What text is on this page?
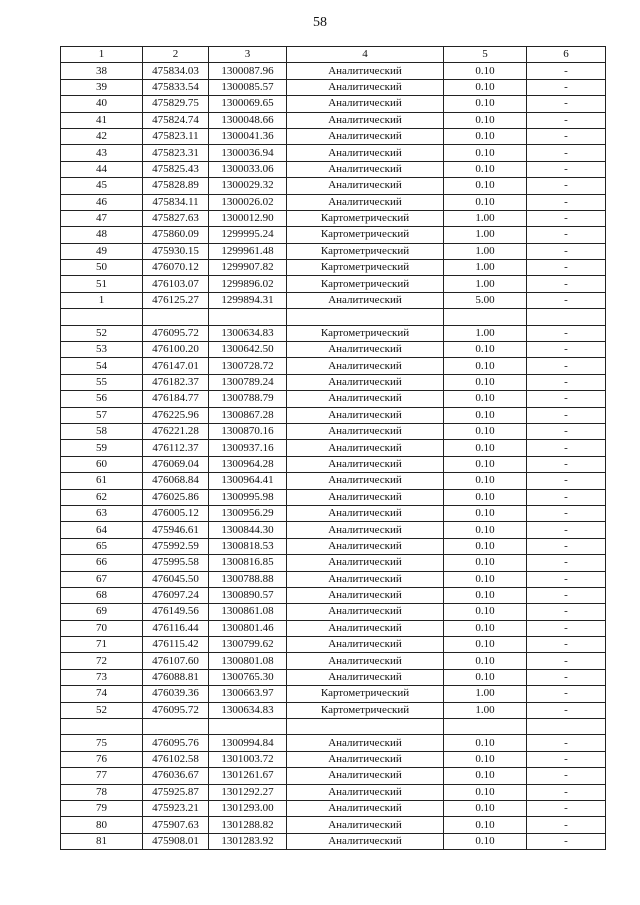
58
1	2	3	4	5	6
38	475834.03	1300087.96	Аналитический	0.10	-
39	475833.54	1300085.57	Аналитический	0.10	-
40	475829.75	1300069.65	Аналитический	0.10	-
41	475824.74	1300048.66	Аналитический	0.10	-
42	475823.11	1300041.36	Аналитический	0.10	-
43	475823.31	1300036.94	Аналитический	0.10	-
44	475825.43	1300033.06	Аналитический	0.10	-
45	475828.89	1300029.32	Аналитический	0.10	-
46	475834.11	1300026.02	Аналитический	0.10	-
47	475827.63	1300012.90	Картометрический	1.00	-
48	475860.09	1299995.24	Картометрический	1.00	-
49	475930.15	1299961.48	Картометрический	1.00	-
50	476070.12	1299907.82	Картометрический	1.00	-
51	476103.07	1299896.02	Картометрический	1.00	-
1	476125.27	1299894.31	Аналитический	5.00	-

52	476095.72	1300634.83	Картометрический	1.00	-
53	476100.20	1300642.50	Аналитический	0.10	-
54	476147.01	1300728.72	Аналитический	0.10	-
55	476182.37	1300789.24	Аналитический	0.10	-
56	476184.77	1300788.79	Аналитический	0.10	-
57	476225.96	1300867.28	Аналитический	0.10	-
58	476221.28	1300870.16	Аналитический	0.10	-
59	476112.37	1300937.16	Аналитический	0.10	-
60	476069.04	1300964.28	Аналитический	0.10	-
61	476068.84	1300964.41	Аналитический	0.10	-
62	476025.86	1300995.98	Аналитический	0.10	-
63	476005.12	1300956.29	Аналитический	0.10	-
64	475946.61	1300844.30	Аналитический	0.10	-
65	475992.59	1300818.53	Аналитический	0.10	-
66	475995.58	1300816.85	Аналитический	0.10	-
67	476045.50	1300788.88	Аналитический	0.10	-
68	476097.24	1300890.57	Аналитический	0.10	-
69	476149.56	1300861.08	Аналитический	0.10	-
70	476116.44	1300801.46	Аналитический	0.10	-
71	476115.42	1300799.62	Аналитический	0.10	-
72	476107.60	1300801.08	Аналитический	0.10	-
73	476088.81	1300765.30	Аналитический	0.10	-
74	476039.36	1300663.97	Картометрический	1.00	-
52	476095.72	1300634.83	Картометрический	1.00	-

75	476095.76	1300994.84	Аналитический	0.10	-
76	476102.58	1301003.72	Аналитический	0.10	-
77	476036.67	1301261.67	Аналитический	0.10	-
78	475925.87	1301292.27	Аналитический	0.10	-
79	475923.21	1301293.00	Аналитический	0.10	-
80	475907.63	1301288.82	Аналитический	0.10	-
81	475908.01	1301283.92	Аналитический	0.10	-
